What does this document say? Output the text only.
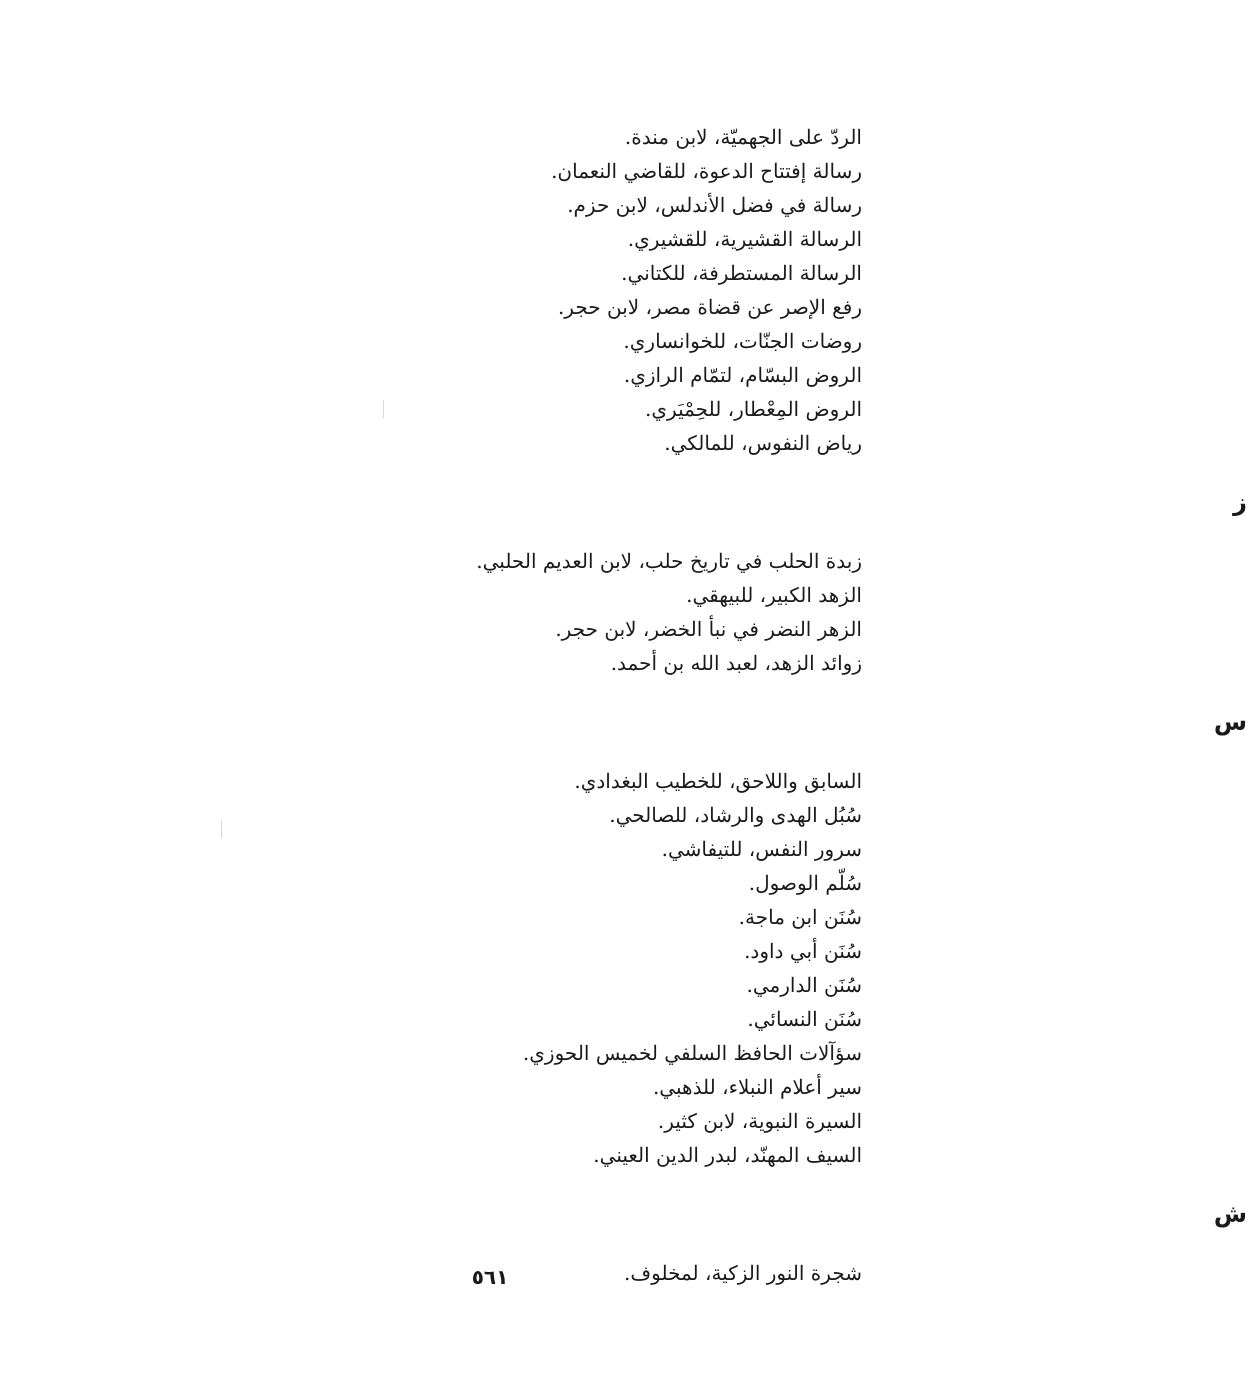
الردّ على الجهميّة، لابن مندة.
رسالة إفتتاح الدعوة، للقاضي النعمان.
رسالة في فضل الأندلس، لابن حزم.
الرسالة القشيرية، للقشيري.
الرسالة المستطرفة، للكتاني.
رفع الإصر عن قضاة مصر، لابن حجر.
روضات الجنّات، للخوانساري.
الروض البسّام، لتمّام الرازي.
الروض المِعْطار، للحِمْيَري.
رياض النفوس، للمالكي.
ز
زبدة الحلب في تاريخ حلب، لابن العديم الحلبي.
الزهد الكبير، للبيهقي.
الزهر النضر في نبأ الخضر، لابن حجر.
زوائد الزهد، لعبد الله بن أحمد.
س
السابق واللاحق، للخطيب البغدادي.
سُبُل الهدى والرشاد، للصالحي.
سرور النفس، للتيفاشي.
سُلّم الوصول.
سُنَن ابن ماجة.
سُنَن أبي داود.
سُنَن الدارمي.
سُنَن النسائي.
سؤآلات الحافظ السلفي لخميس الحوزي.
سير أعلام النبلاء، للذهبي.
السيرة النبوية، لابن كثير.
السيف المهنّد، لبدر الدين العيني.
ش
شجرة النور الزكية، لمخلوف.
٥٦١
